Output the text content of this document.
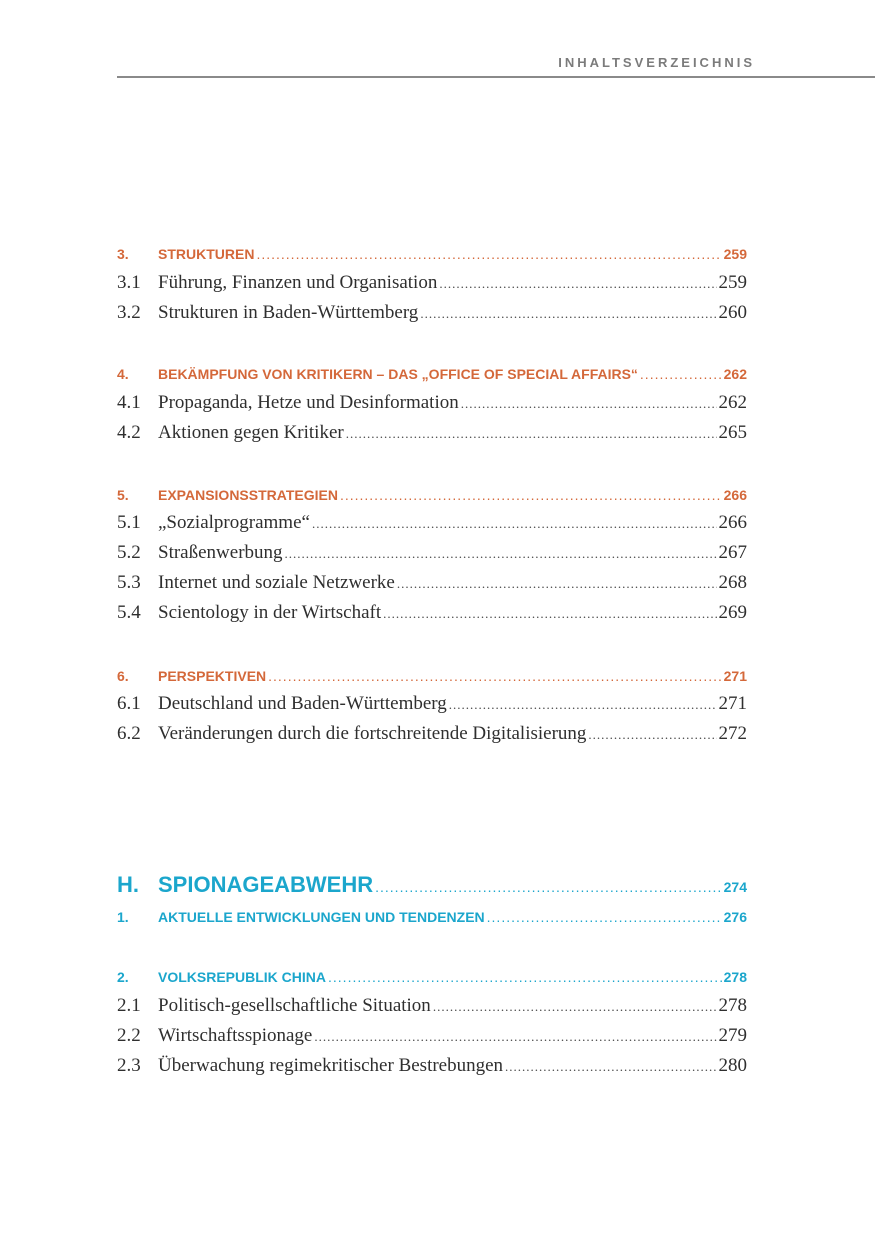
INHALTSVERZEICHNIS
3.	STRUKTUREN .....	259
3.1 Führung, Finanzen und Organisation .....	259
3.2 Strukturen in Baden-Württemberg .....	260
4.	BEKÄMPFUNG VON KRITIKERN – DAS „OFFICE OF SPECIAL AFFAIRS“ .....	262
4.1 Propaganda, Hetze und Desinformation .....	262
4.2 Aktionen gegen Kritiker .....	265
5.	EXPANSIONSSTRATEGIEN .....	266
5.1 „Sozialprogramme“ .....	266
5.2 Straßenwerbung .....	267
5.3 Internet und soziale Netzwerke .....	268
5.4 Scientology in der Wirtschaft .....	269
6.	PERSPEKTIVEN .....	271
6.1 Deutschland und Baden-Württemberg .....	271
6.2 Veränderungen durch die fortschreitende Digitalisierung .....	272
H. SPIONAGEABWEHR .....	274
1.	AKTUELLE ENTWICKLUNGEN UND TENDENZEN .....	276
2.	VOLKSREPUBLIK CHINA .....	278
2.1 Politisch-gesellschaftliche Situation .....	278
2.2 Wirtschaftsspionage .....	279
2.3 Überwachung regimekritischer Bestrebungen .....	280
